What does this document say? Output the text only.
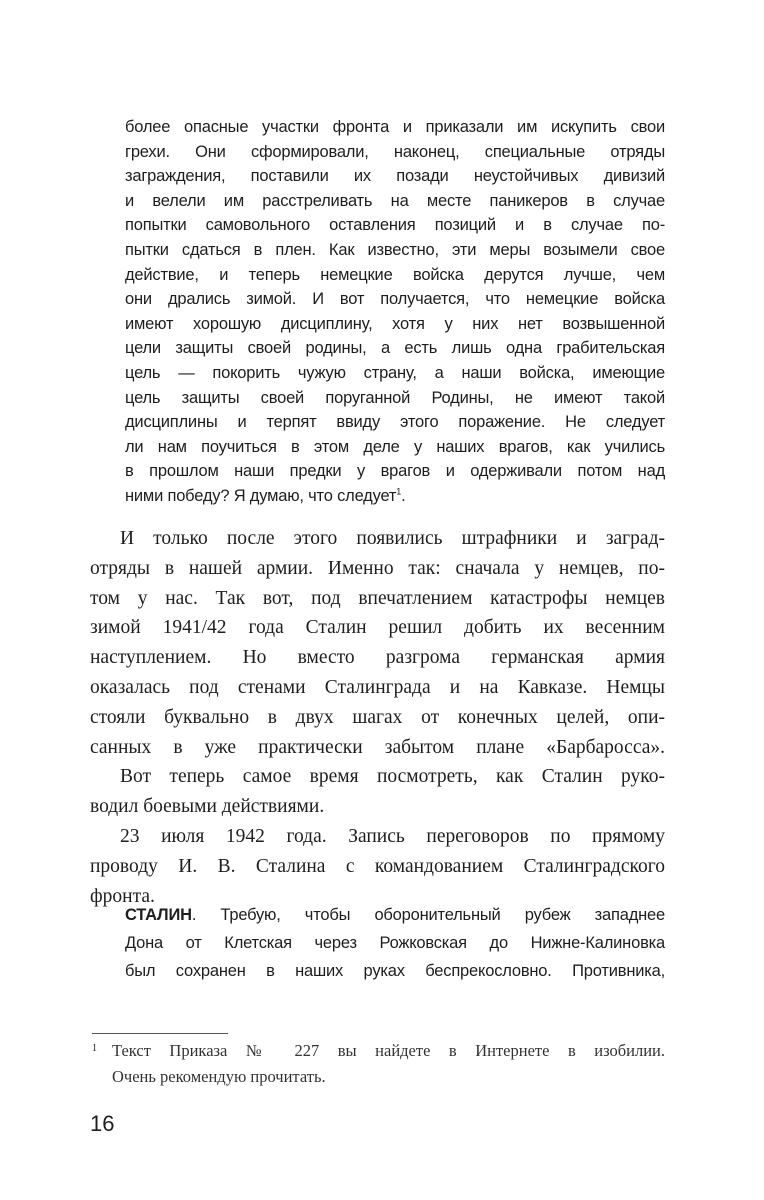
более опасные участки фронта и приказали им искупить свои
грехи. Они сформировали, наконец, специальные отряды
заграждения, поставили их позади неустойчивых дивизий
и велели им расстреливать на месте паникеров в случае
попытки самовольного оставления позиций и в случае по-
пытки сдаться в плен. Как известно, эти меры возымели свое
действие, и теперь немецкие войска дерутся лучше, чем
они дрались зимой. И вот получается, что немецкие войска
имеют хорошую дисциплину, хотя у них нет возвышенной
цели защиты своей родины, а есть лишь одна грабительская
цель — покорить чужую страну, а наши войска, имеющие
цель защиты своей поруганной Родины, не имеют такой
дисциплины и терпят ввиду этого поражение. Не следует
ли нам поучиться в этом деле у наших врагов, как учились
в прошлом наши предки у врагов и одерживали потом над
ними победу? Я думаю, что следует$^1$.
И только после этого появились штрафники и заград-
отряды в нашей армии. Именно так: сначала у немцев, по-
том у нас. Так вот, под впечатлением катастрофы немцев
зимой 1941/42 года Сталин решил добить их весенним
наступлением. Но вместо разгрома германская армия
оказалась под стенами Сталинграда и на Кавказе. Немцы
стояли буквально в двух шагах от конечных целей, опи-
санных в уже практически забытом плане «Барбаросса».
Вот теперь самое время посмотреть, как Сталин руко-
водил боевыми действиями.
23 июля 1942 года. Запись переговоров по прямому
проводу И. В. Сталина с командованием Сталинградского
фронта.
СТАЛИН. Требую, чтобы оборонительный рубеж западнее
Дона от Клетская через Рожковская до Нижне-Калиновка
был сохранен в наших руках беспрекословно. Противника,
1 Текст Приказа № 227 вы найдете в Интернете в изобилии.
Очень рекомендую прочитать.
16
